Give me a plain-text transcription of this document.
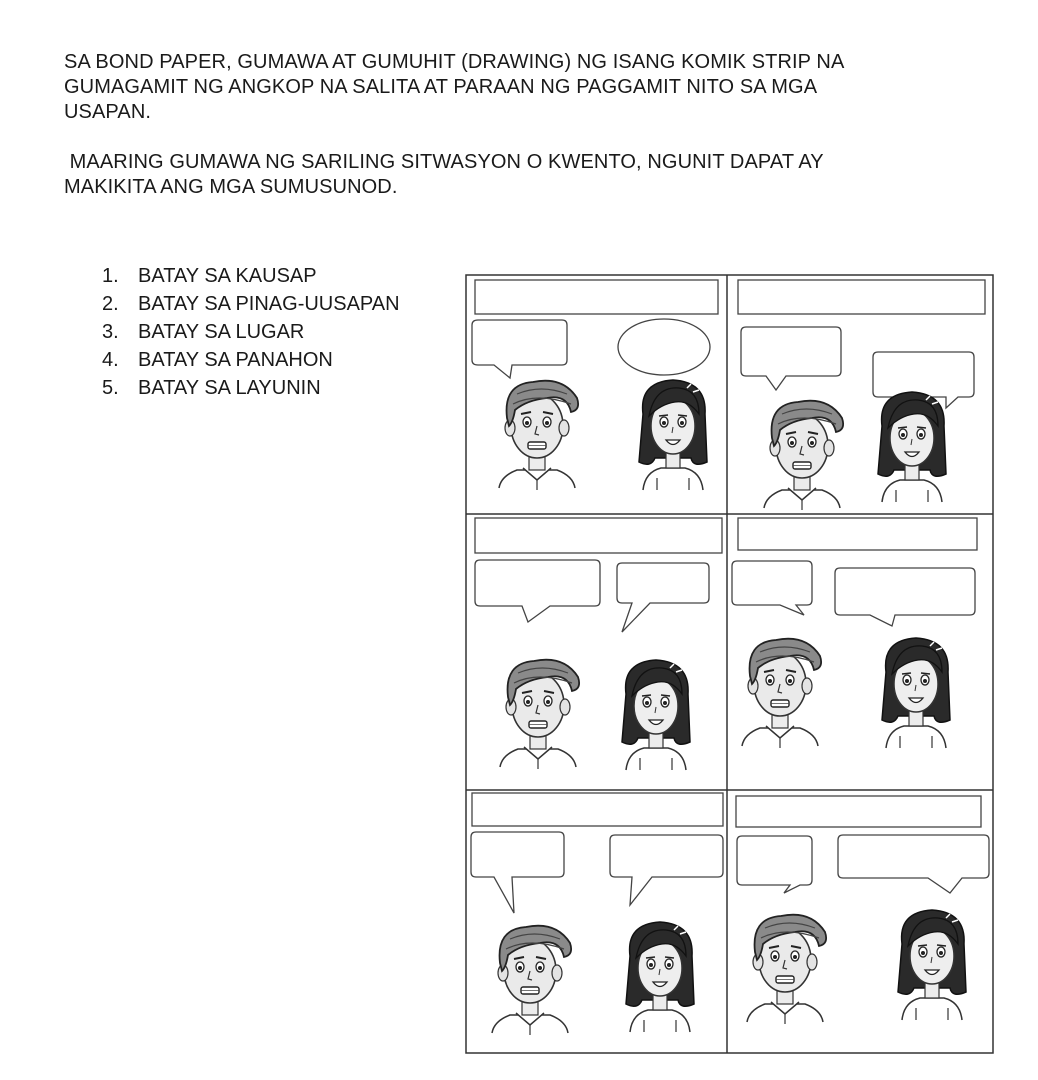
SA BOND PAPER, GUMAWA AT GUMUHIT (DRAWING) NG ISANG KOMIK STRIP NA
GUMAGAMIT NG ANGKOP NA SALITA AT PARAAN NG PAGGAMIT NITO SA MGA
USAPAN.
MAARING GUMAWA NG SARILING SITWASYON O KWENTO, NGUNIT DAPAT AY
MAKIKITA ANG MGA SUMUSUNOD.
1. BATAY SA KAUSAP
2. BATAY SA PINAG-UUSAPAN
3. BATAY SA LUGAR
4. BATAY SA PANAHON
5. BATAY SA LAYUNIN
